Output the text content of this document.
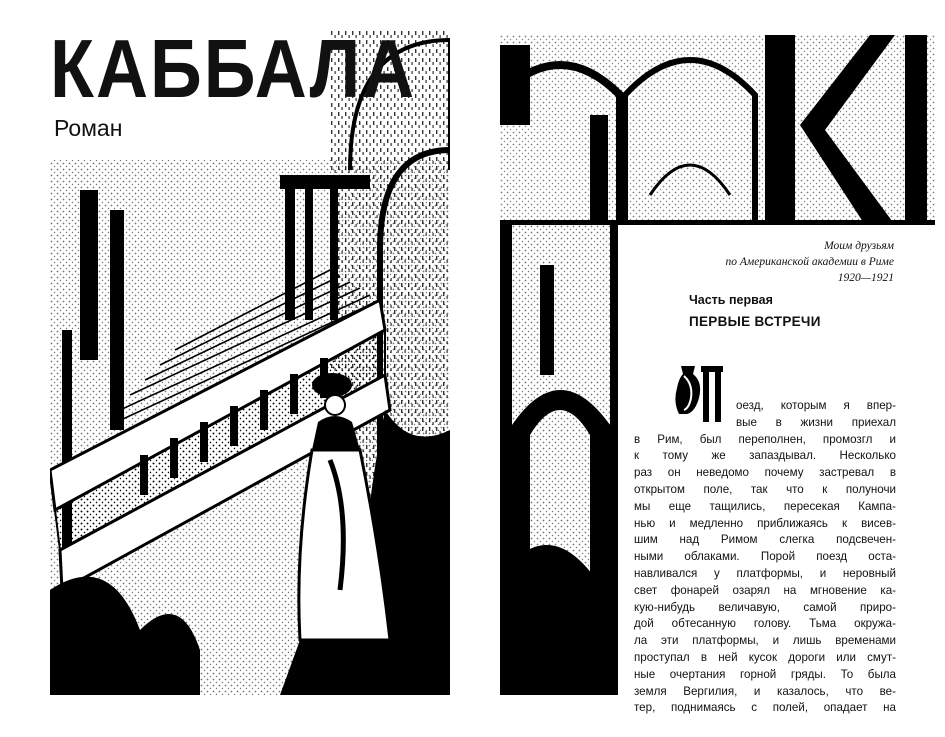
КАББАЛА
Роман
Моим друзьям
по Американской академии в Риме
1920—1921
Часть первая
ПЕРВЫЕ ВСТРЕЧИ
П	оезд, которым я впер-
вые в жизни приехал
в Рим, был переполнен, промозгл и
к тому же запаздывал. Несколько
раз он неведомо почему застревал в
открытом поле, так что к полуночи
мы еще тащились, пересекая Кампа-
нью и медленно приближаясь к висев-
шим над Римом слегка подсвечен-
ными облаками. Порой поезд оста-
навливался у платформы, и неровный
свет фонарей озарял на мгновение ка-
кую-нибудь величавую, самой приро-
дой обтесанную голову. Тьма окружа-
ла эти платформы, и лишь временами
проступал в ней кусок дороги или смут-
ные очертания горной гряды. То была
земля Вергилия, и казалось, что ве-
тер, поднимаясь с полей, опадает на
